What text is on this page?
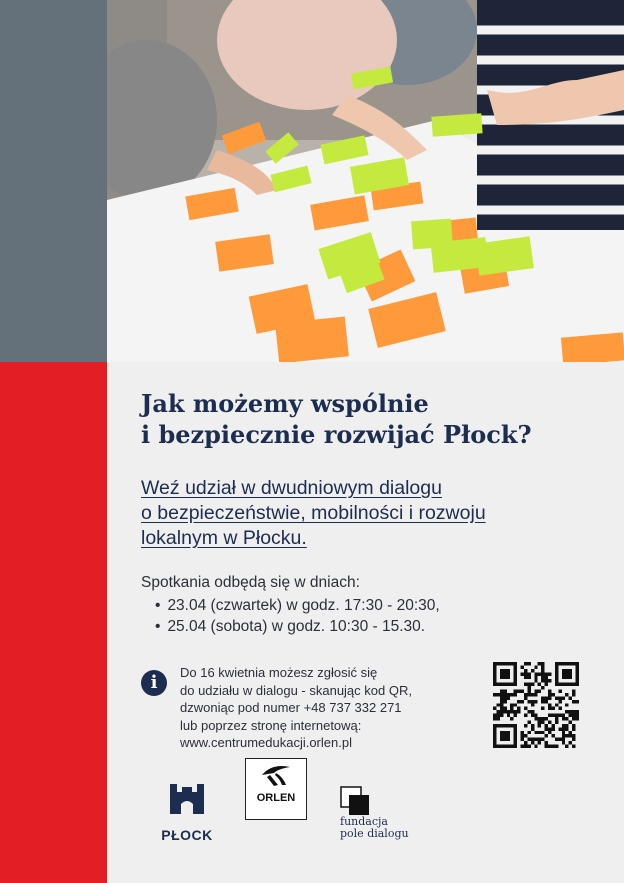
Jak możemy wspólnie
i bezpiecznie rozwijać Płock?
Weź udział w dwudniowym dialogu
o bezpieczeństwie, mobilności i rozwoju
lokalnym w Płocku.
Spotkania odbędą się w dniach:
• 23.04 (czwartek) w godz. 17:30 - 20:30,
• 25.04 (sobota) w godz. 10:30 - 15.30.
i	Do 16 kwietnia możesz zgłosić się
do udziału w dialogu - skanując kod QR,
dzwoniąc pod numer +48 737 332 271
lub poprzez stronę internetową:
www.centrumedukacji.orlen.pl
PŁOCK
ORLEN
fundacja
pole dialogu
